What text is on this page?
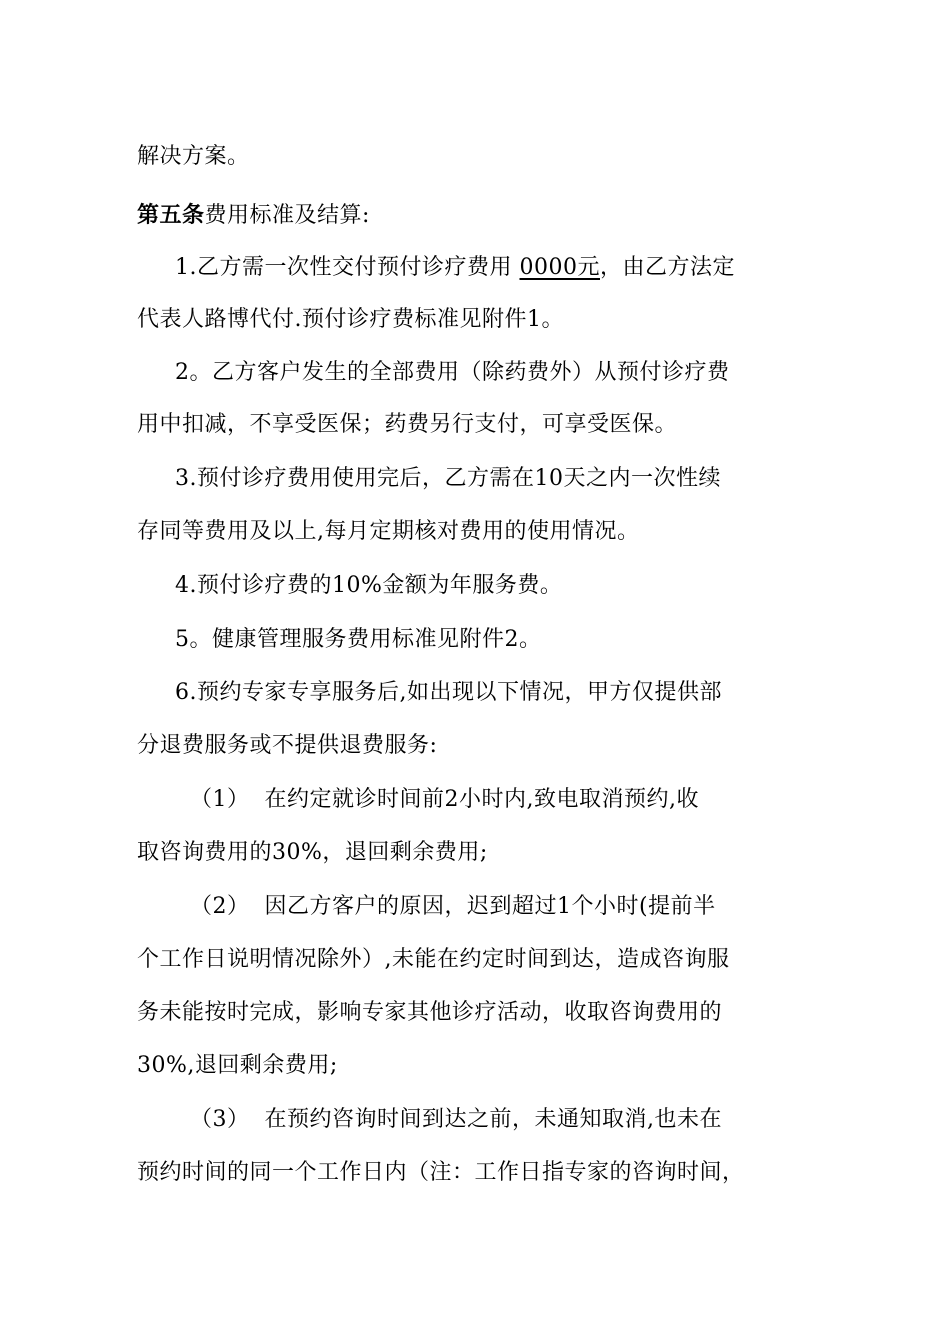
解决方案。
第五条费用标准及结算:
1.乙方需一次性交付预付诊疗费用 0000元，由乙方法定
代表人路博代付.预付诊疗费标准见附件1。
2。乙方客户发生的全部费用（除药费外）从预付诊疗费
用中扣减，不享受医保；药费另行支付，可享受医保。
3.预付诊疗费用使用完后，乙方需在10天之内一次性续
存同等费用及以上,每月定期核对费用的使用情况。
4.预付诊疗费的10%金额为年服务费。
5。健康管理服务费用标准见附件2。
6.预约专家专享服务后,如出现以下情况，甲方仅提供部
分退费服务或不提供退费服务:
（1）  在约定就诊时间前2小时内,致电取消预约,收
取咨询费用的30%，退回剩余费用;
（2）  因乙方客户的原因，迟到超过1个小时(提前半
个工作日说明情况除外）,未能在约定时间到达，造成咨询服
务未能按时完成，影响专家其他诊疗活动，收取咨询费用的
30%,退回剩余费用;
（3）  在预约咨询时间到达之前，未通知取消,也未在
预约时间的同一个工作日内（注：工作日指专家的咨询时间，
